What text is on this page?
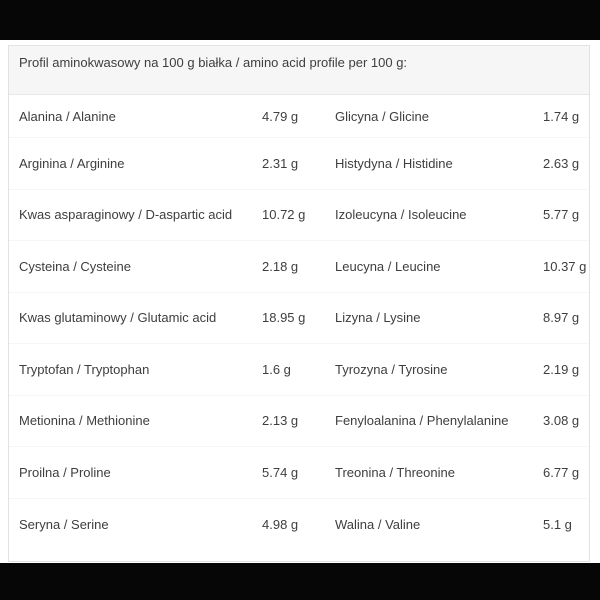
Profil aminokwasowy na 100 g białka / amino acid profile per 100 g:
Alanina / Alanine	4.79 g	Glicyna / Glicine	1.74 g
Arginina / Arginine	2.31 g	Histydyna / Histidine	2.63 g
Kwas asparaginowy / D-aspartic acid	10.72 g	Izoleucyna / Isoleucine	5.77 g
Cysteina / Cysteine	2.18 g	Leucyna / Leucine	10.37 g
Kwas glutaminowy / Glutamic acid	18.95 g	Lizyna / Lysine	8.97 g
Tryptofan / Tryptophan	1.6 g	Tyrozyna / Tyrosine	2.19 g
Metionina / Methionine	2.13 g	Fenyloalanina / Phenylalanine	3.08 g
Proilna / Proline	5.74 g	Treonina / Threonine	6.77 g
Seryna / Serine	4.98 g	Walina / Valine	5.1 g
